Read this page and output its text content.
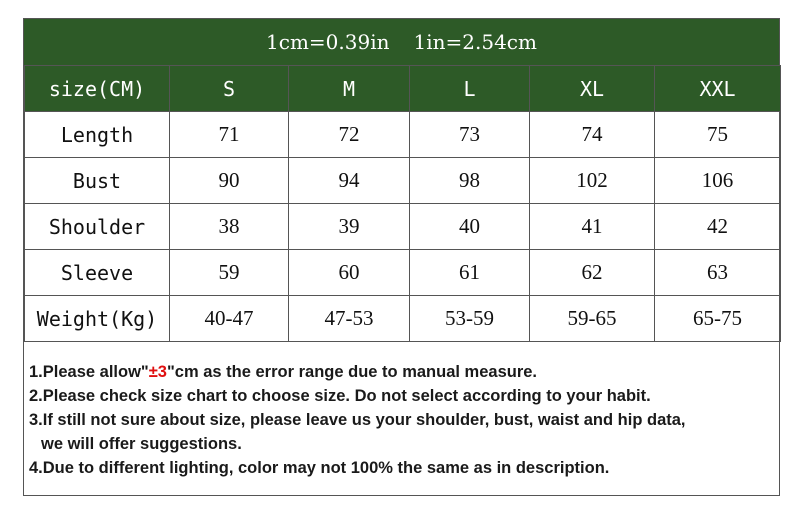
1cm=0.39in 1in=2.54cm
size(CM)	S	M	L	XL	XXL
Length	71	72	73	74	75
Bust	90	94	98	102	106
Shoulder	38	39	40	41	42
Sleeve	59	60	61	62	63
Weight(Kg)	40-47	47-53	53-59	59-65	65-75
1.Please allow"±3"cm as the error range due to manual measure.
2.Please check size chart to choose size. Do not select according to your habit.
3.If still not sure about size, please leave us your shoulder, bust, waist and hip data,
we will offer suggestions.
4.Due to different lighting, color may not 100% the same as in description.
